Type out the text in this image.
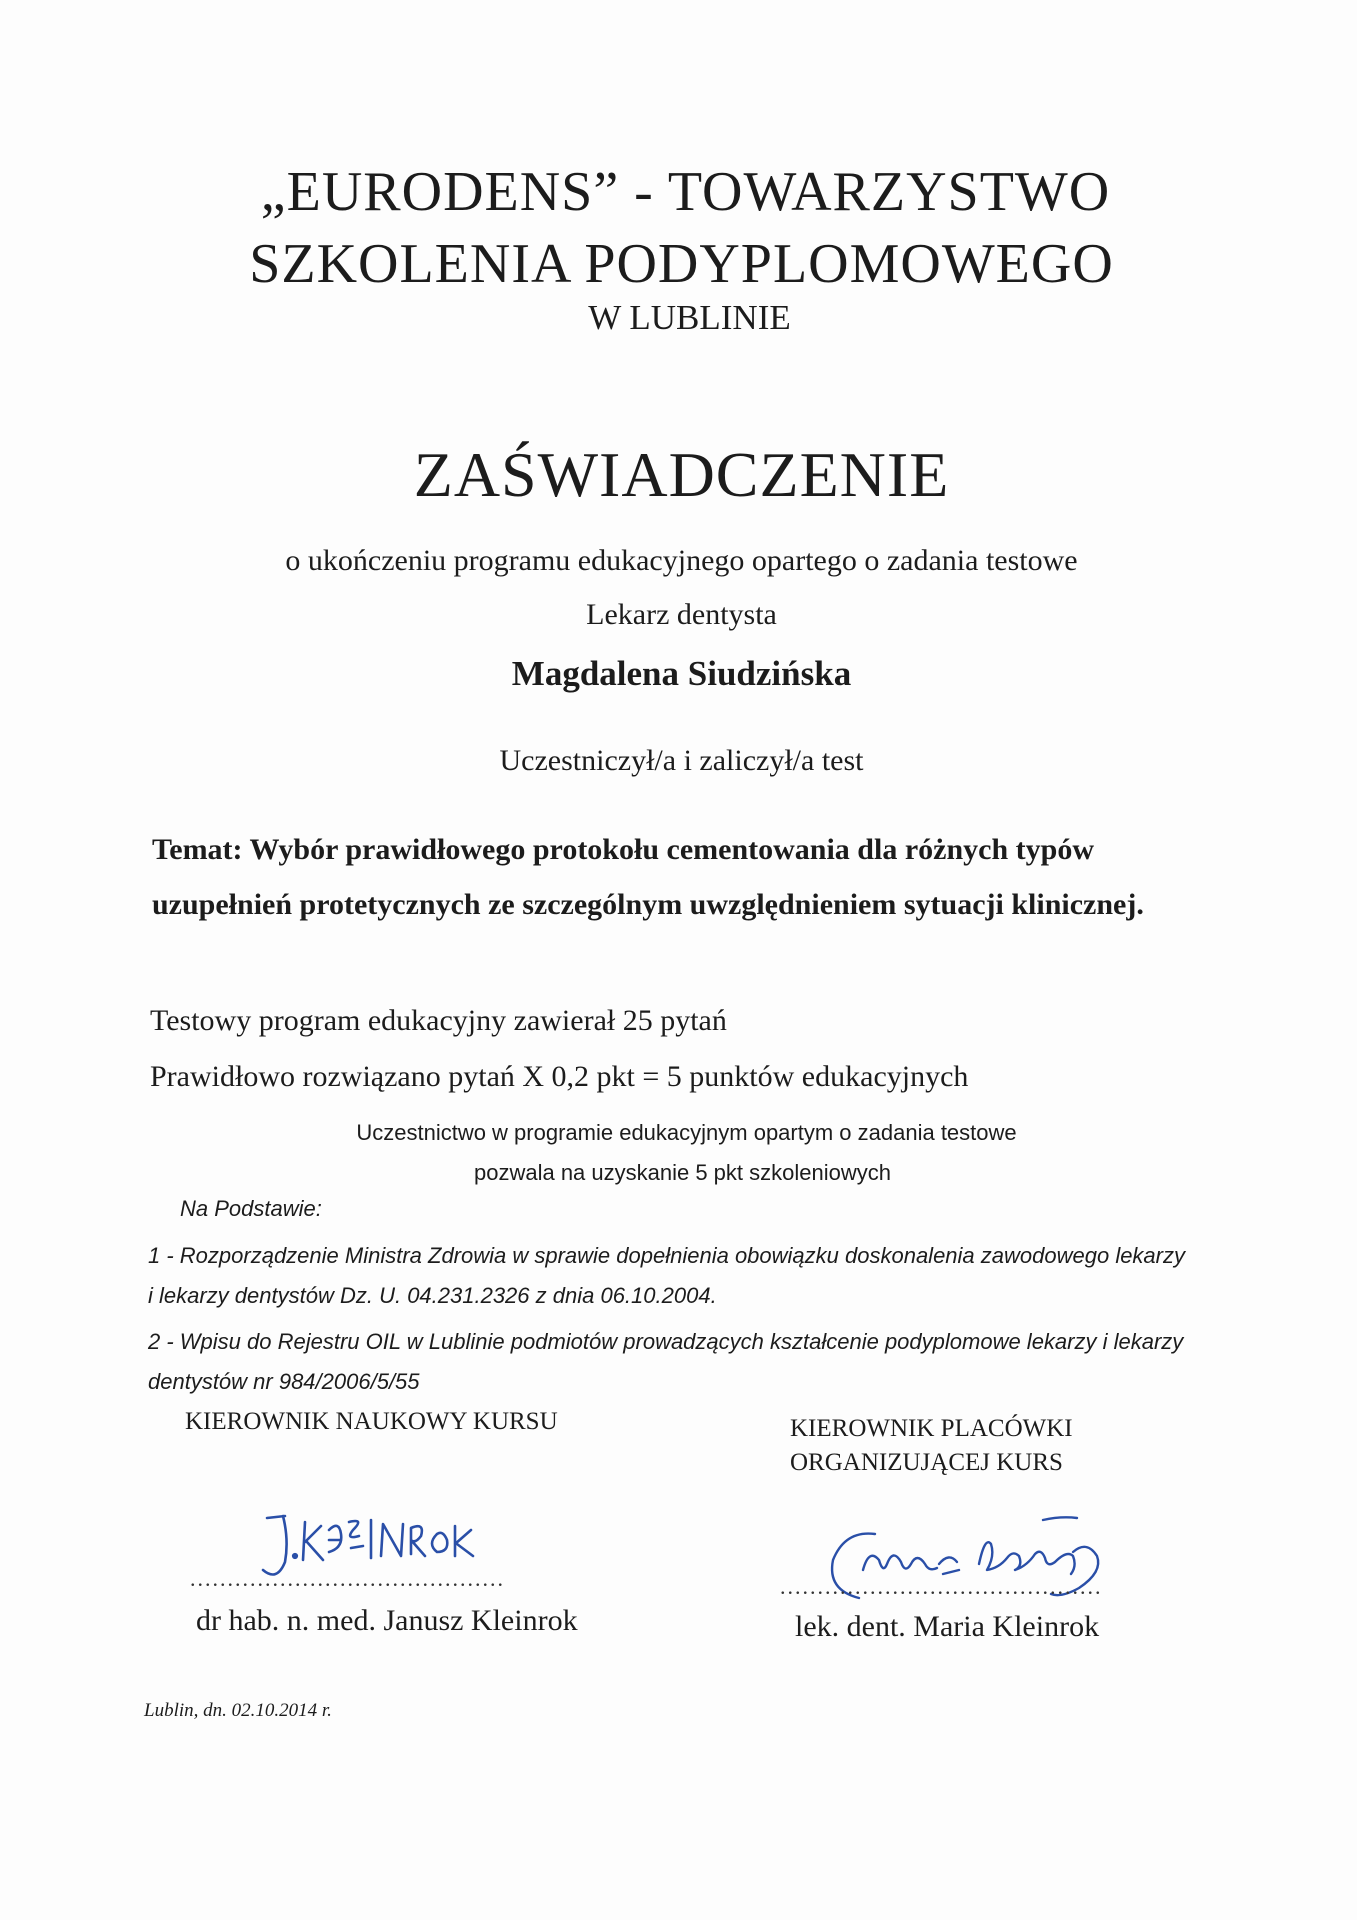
„EURODENS” - TOWARZYSTWO
SZKOLENIA PODYPLOMOWEGO
W LUBLINIE
ZAŚWIADCZENIE
o ukończeniu programu edukacyjnego opartego o zadania testowe
Lekarz dentysta
Magdalena Siudzińska
Uczestniczył/a i zaliczył/a test
Temat: Wybór prawidłowego protokołu cementowania dla różnych typów uzupełnień protetycznych ze szczególnym uwzględnieniem sytuacji klinicznej.
Testowy program edukacyjny zawierał 25 pytań
Prawidłowo rozwiązano pytań X 0,2 pkt = 5 punktów edukacyjnych
Uczestnictwo w programie edukacyjnym opartym o zadania testowe
pozwala na uzyskanie 5 pkt szkoleniowych
Na Podstawie:
1 - Rozporządzenie Ministra Zdrowia w sprawie dopełnienia obowiązku doskonalenia zawodowego lekarzy i lekarzy dentystów Dz. U. 04.231.2326 z dnia 06.10.2004.
2 - Wpisu do Rejestru OIL w Lublinie podmiotów prowadzących kształcenie podyplomowe lekarzy i lekarzy dentystów nr 984/2006/5/55
KIEROWNIK NAUKOWY KURSU	KIEROWNIK PLACÓWKI ORGANIZUJĄCEJ KURS
..........................................	...........................................
dr hab. n. med. Janusz Kleinrok	lek. dent. Maria Kleinrok
Lublin, dn. 02.10.2014 r.
